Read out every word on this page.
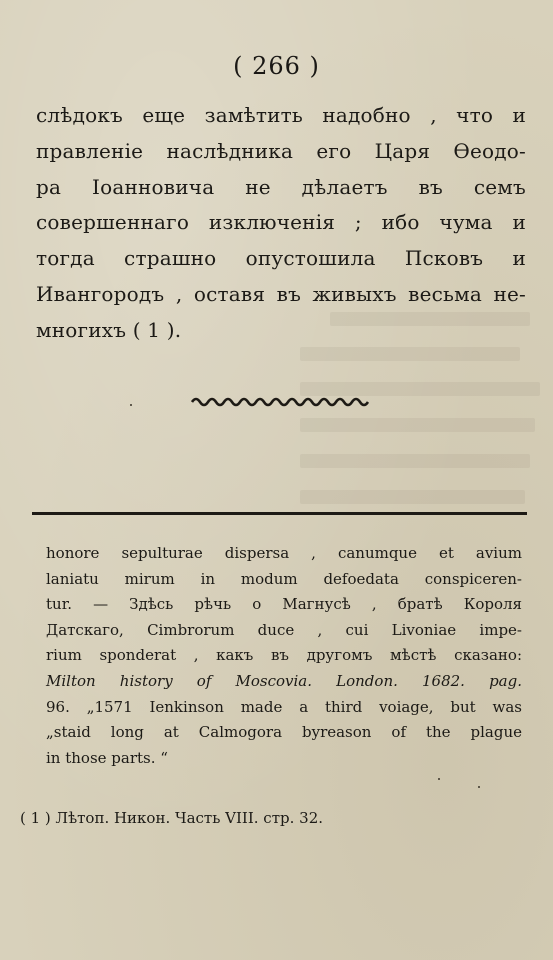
( 266 )
слѣдокъ еще замѣтить надобно , что и
правленіе наслѣдника его Царя Ѳеодо-
ра Іоанновича не дѣлаетъ въ семъ
совершеннаго изключенія ; ибо чума и
тогда страшно опустошила Псковъ и
Ивангородъ , оставя въ живыхъ весьма не-
многихъ ( 1 ).
honore sepulturae dispersa , canumque et avium
laniatu mirum in modum defoedata conspiceren-
tur. — Здѣсь рѣчь о Магнусѣ , братѣ Короля
Датскаго, Cimbrorum duce , cui Livoniae impe-
rium sponderat , какъ въ другомъ мѣстѣ сказано:
Milton history of Moscovia. London. 1682. pag.
96. „1571 Ienkinson made a third voiage, but was
„staid long at Calmogora byreason of the plague
in those parts. “
( 1 ) Лѣтоп. Никон. Часть VIII. стр. 32.
